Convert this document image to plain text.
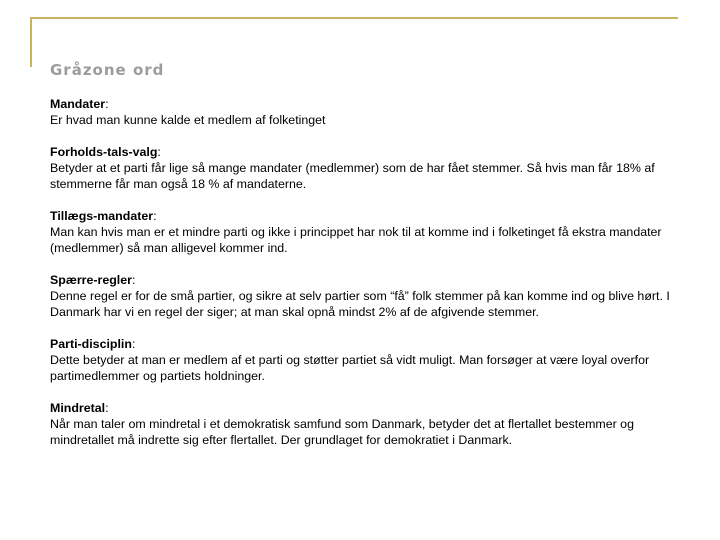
Gråzone ord

Mandater:
Er hvad man kunne kalde et medlem af folketinget

Forholds-tals-valg:
Betyder at et parti får lige så mange mandater (medlemmer) som de har fået stemmer. Så hvis man får 18% af stemmerne får man også 18 % af mandaterne.

Tillægs-mandater:
Man kan hvis man er et mindre parti og ikke i princippet har nok til at komme ind i folketinget få ekstra mandater (medlemmer) så man alligevel kommer ind.

Spærre-regler:
Denne regel er for de små partier, og sikre at selv partier som “få” folk stemmer på kan komme ind og blive hørt. I Danmark har vi en regel der siger; at man skal opnå mindst 2% af de afgivende stemmer.

Parti-disciplin:
Dette betyder at man er medlem af et parti og støtter partiet så vidt muligt. Man forsøger at være loyal overfor partimedlemmer og partiets holdninger.

Mindretal:
Når man taler om mindretal i et demokratisk samfund som Danmark, betyder det at flertallet bestemmer og mindretallet må indrette sig efter flertallet. Der grundlaget for demokratiet i Danmark.
